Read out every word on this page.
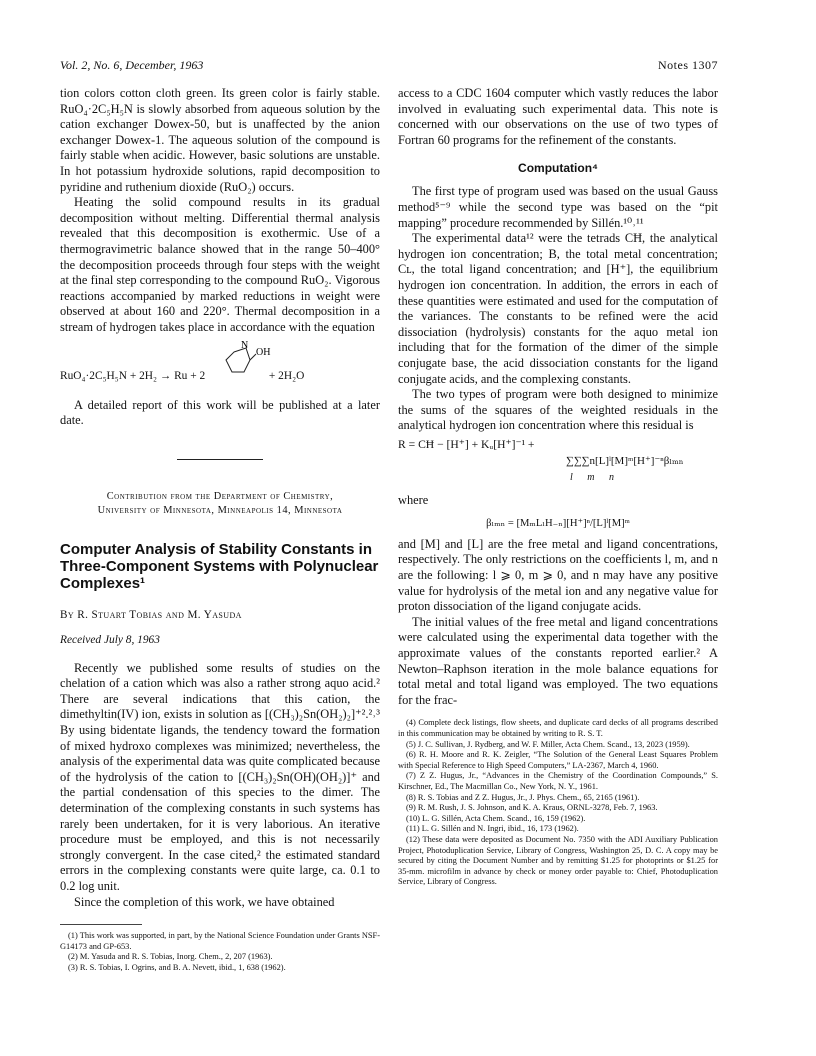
Vol. 2, No. 6, December, 1963	Notes 1307

tion colors cotton cloth green. Its green color is fairly stable. RuO₄·2C₅H₅N is slowly absorbed from aqueous solution by the cation exchanger Dowex-50, but is unaffected by the anion exchanger Dowex-1. The aqueous solution of the compound is fairly stable when acidic. However, basic solutions are unstable. In hot potassium hydroxide solutions, rapid decomposition to pyridine and ruthenium dioxide (RuO₂) occurs.

Heating the solid compound results in its gradual decomposition without melting. Differential thermal analysis revealed that this decomposition is exothermic. Use of a thermogravimetric balance showed that in the range 50–400° the decomposition proceeds through four steps with the weight at the final step corresponding to the compound RuO₂. Vigorous reactions accompanied by marked reductions in weight were observed at about 160 and 220°. Thermal decomposition in a stream of hydrogen takes place in accordance with the equation

N
OH
RuO₄·2C₅H₅N + 2H₂ → Ru + 2	+ 2H₂O

A detailed report of this work will be published at a later date.

Contribution from the Department of Chemistry,
University of Minnesota, Minneapolis 14, Minnesota
Computer Analysis of Stability Constants in Three-Component Systems with Polynuclear Complexes¹
By R. Stuart Tobias and M. Yasuda
Received July 8, 1963

Recently we published some results of studies on the chelation of a cation which was also a rather strong aquo acid.² There are several indications that this cation, the dimethyltin(IV) ion, exists in solution as [(CH₃)₂Sn(OH₂)₂]⁺².²˒³ By using bidentate ligands, the tendency toward the formation of mixed hydroxo complexes was minimized; nevertheless, the analysis of the experimental data was quite complicated because of the hydrolysis of the cation to [(CH₃)₂Sn(OH)(OH₂)]⁺ and the partial condensation of this species to the dimer. The determination of the complexing constants in such systems has rarely been undertaken, for it is very laborious. An iterative procedure must be employed, and this is not necessarily strongly convergent. In the case cited,² the estimated standard errors in the complexing constants were quite large, ca. 0.1 to 0.2 log unit.

Since the completion of this work, we have obtained

(1) This work was supported, in part, by the National Science Foundation under Grants NSF-G14173 and GP-653.
(2) M. Yasuda and R. S. Tobias, Inorg. Chem., 2, 207 (1963).
(3) R. S. Tobias, I. Ogrins, and B. A. Nevett, ibid., 1, 638 (1962).

access to a CDC 1604 computer which vastly reduces the labor involved in evaluating such experimental data. This note is concerned with our observations on the use of two types of Fortran 60 programs for the refinement of the constants.

Computation⁴

The first type of program used was based on the usual Gauss method⁵⁻⁹ while the second type was based on the “pit mapping” procedure recommended by Sillén.¹⁰˒¹¹

The experimental data¹² were the tetrads CĦ, the analytical hydrogen ion concentration; B, the total metal concentration; Cʟ, the total ligand concentration; and [H⁺], the equilibrium hydrogen ion concentration. In addition, the errors in each of these quantities were estimated and used for the computation of the variances. The constants to be refined were the acid dissociation (hydrolysis) constants for the aquo metal ion including that for the formation of the dimer of the simple conjugate base, the acid dissociation constants for the ligand conjugate acids, and the complexing constants.

The two types of program were both designed to minimize the sums of the squares of the weighted residuals in the analytical hydrogen ion concentration where this residual is

R = CĦ − [H⁺] + Kᵤ[H⁺]⁻¹ +
∑∑∑n[L]ˡ[M]ᵐ[H⁺]⁻ⁿβₗₘₙ
l m n
where
βₗₘₙ = [MₘLₗH₋ₙ][H⁺]ⁿ/[L]ˡ[M]ᵐ

and [M] and [L] are the free metal and ligand concentrations, respectively. The only restrictions on the coefficients l, m, and n are the following: l ⩾ 0, m ⩾ 0, and n may have any positive value for hydrolysis of the metal ion and any negative value for proton dissociation of the ligand conjugate acids.

The initial values of the free metal and ligand concentrations were calculated using the experimental data together with the approximate values of the constants reported earlier.² A Newton–Raphson iteration in the mole balance equations for total metal and total ligand was employed. The two equations for the frac-

(4) Complete deck listings, flow sheets, and duplicate card decks of all programs described in this communication may be obtained by writing to R. S. T.
(5) J. C. Sullivan, J. Rydberg, and W. F. Miller, Acta Chem. Scand., 13, 2023 (1959).
(6) R. H. Moore and R. K. Zeigler, “The Solution of the General Least Squares Problem with Special Reference to High Speed Computers,” LA-2367, March 4, 1960.
(7) Z Z. Hugus, Jr., “Advances in the Chemistry of the Coordination Compounds,” S. Kirschner, Ed., The Macmillan Co., New York, N. Y., 1961.
(8) R. S. Tobias and Z Z. Hugus, Jr., J. Phys. Chem., 65, 2165 (1961).
(9) R. M. Rush, J. S. Johnson, and K. A. Kraus, ORNL-3278, Feb. 7, 1963.
(10) L. G. Sillén, Acta Chem. Scand., 16, 159 (1962).
(11) L. G. Sillén and N. Ingri, ibid., 16, 173 (1962).
(12) These data were deposited as Document No. 7350 with the ADI Auxiliary Publication Project, Photoduplication Service, Library of Congress, Washington 25, D. C. A copy may be secured by citing the Document Number and by remitting $1.25 for photoprints or $1.25 for 35-mm. microfilm in advance by check or money order payable to: Chief, Photoduplication Service, Library of Congress.
